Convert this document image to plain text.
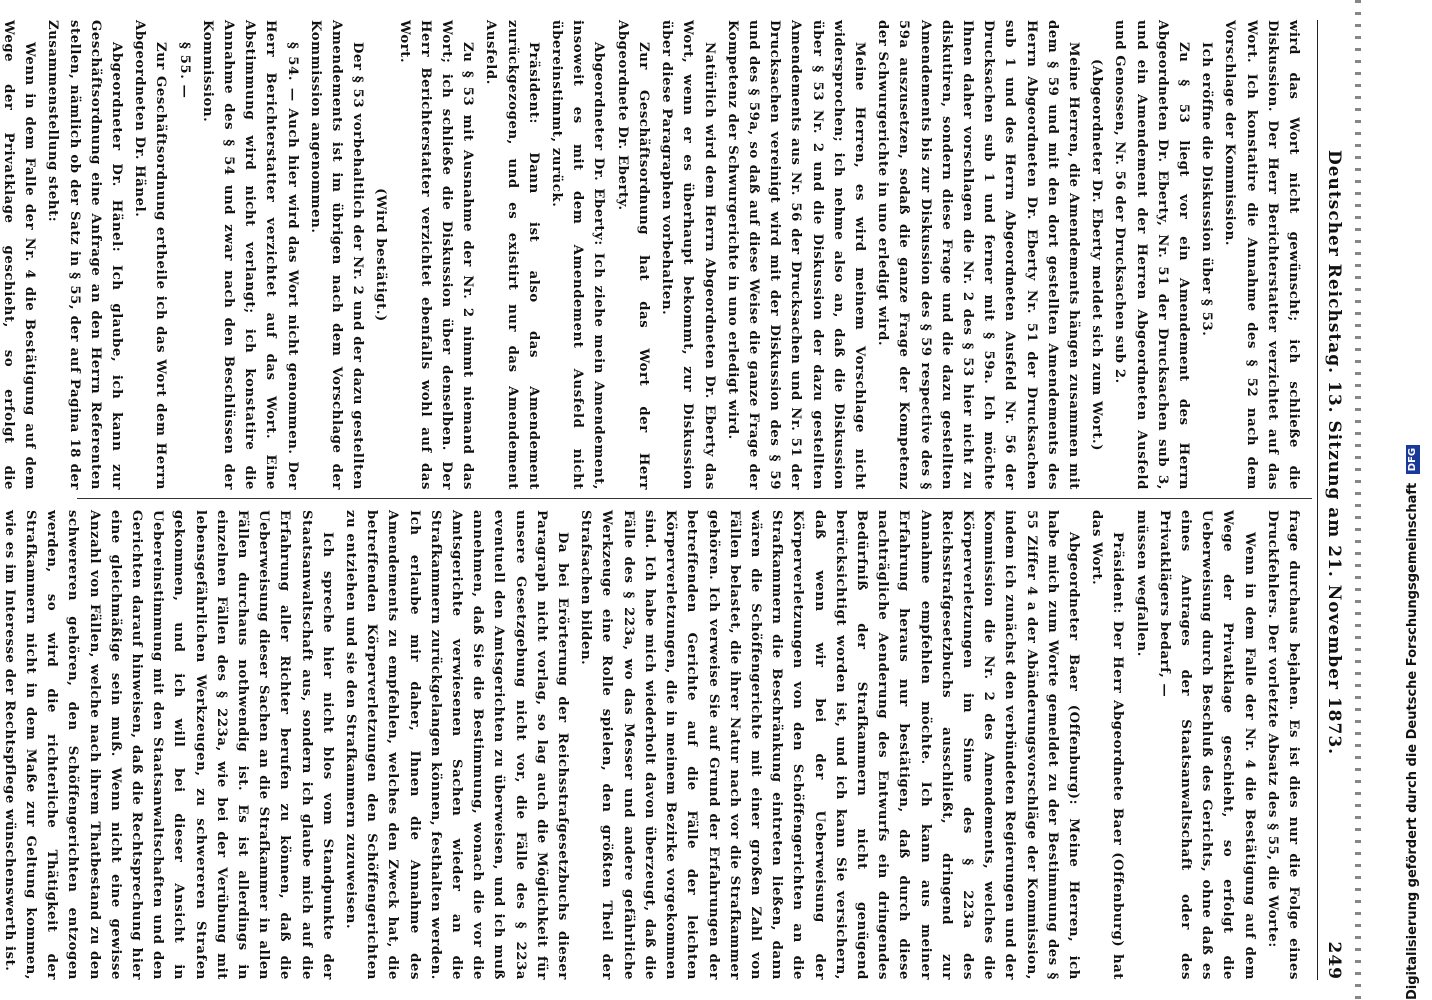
Deutscher Reichstag. 13. Sitzung am 21. November 1873.
249

wird das Wort nicht gewünscht; ich schließe die Diskussion. Der Herr Berichterstatter verzichtet auf das Wort. Ich konstatire die Annahme des § 52 nach dem Vorschlage der Kommission.

Ich eröffne die Diskussion über § 53.

Zu § 53 liegt vor ein Amendement des Herrn Abgeordneten Dr. Eberty, Nr. 51 der Drucksachen sub 3, und ein Amendement der Herren Abgeordneten Ausfeld und Genossen, Nr. 56 der Drucksachen sub 2.

(Abgeordneter Dr. Eberty meldet sich zum Wort.)

Meine Herren, die Amendements hängen zusammen mit dem § 59 und mit den dort gestellten Amendements des Herrn Abgeordneten Dr. Eberty Nr. 51 der Drucksachen sub 1 und des Herrn Abgeordneten Ausfeld Nr. 56 der Drucksachen sub 1 und ferner mit § 59a. Ich möchte Ihnen daher vorschlagen die Nr. 2 des § 53 hier nicht zu diskutiren, sondern diese Frage und die dazu gestellten Amendements bis zur Diskussion des § 59 respective des § 59a auszusetzen, sodaß die ganze Frage der Kompetenz der Schwurgerichte in uno erledigt wird.

Meine Herren, es wird meinem Vorschlage nicht widersprochen; ich nehme also an, daß die Diskussion über § 53 Nr. 2 und die Diskussion der dazu gestellten Amendements aus Nr. 56 der Drucksachen und Nr. 51 der Drucksachen vereinigt wird mit der Diskussion des § 59 und des § 59a, so daß auf diese Weise die ganze Frage der Kompetenz der Schwurgerichte in uno erledigt wird.

Natürlich wird dem Herrn Abgeordneten Dr. Eberty das Wort, wenn er es überhaupt bekommt, zur Diskussion über diese Paragraphen vorbehalten.

Zur Geschäftsordnung hat das Wort der Herr Abgeordnete Dr. Eberty.

Abgeordneter Dr. Eberty: Ich ziehe mein Amendement, insoweit es mit dem Amendement Ausfeld nicht übereinstimmt, zurück.

Präsident: Dann ist also das Amendement zurückgezogen, und es existirt nur das Amendement Ausfeld.

Zu § 53 mit Ausnahme der Nr. 2 nimmt niemand das Wort; ich schließe die Diskussion über denselben. Der Herr Berichterstatter verzichtet ebenfalls wohl auf das Wort.

(Wird bestätigt.)

Der § 53 vorbehaltlich der Nr. 2 und der dazu gestellten Amendements ist im übrigen nach dem Vorschlage der Kommission angenommen.

§ 54. — Auch hier wird das Wort nicht genommen. Der Herr Berichterstatter verzichtet auf das Wort. Eine Abstimmung wird nicht verlangt; ich konstatire die Annahme des § 54 und zwar nach den Beschlüssen der Kommission.

§ 55. —

Zur Geschäftsordnung ertheile ich das Wort dem Herrn Abgeordneten Dr. Hänel.

Abgeordneter Dr. Hänel: Ich glaube, ich kann zur Geschäftsordnung eine Anfrage an den Herrn Referenten stellen, nämlich ob der Satz in § 55, der auf Pagina 18 der Zusammenstellung steht:

Wenn in dem Falle der Nr. 4 die Bestätigung auf dem Wege der Privatklage geschieht, so erfolgt die

frage durchaus bejahen. Es ist dies nur die Folge eines Druckfehlers. Der vorletzte Absatz des § 55, die Worte:

Wenn in dem Falle der Nr. 4 die Bestätigung auf dem Wege der Privatklage geschieht, so erfolgt die Ueberweisung durch Beschluß des Gerichts, ohne daß es eines Antrages der Staatsanwaltschaft oder des Privatklägers bedarf, —

müssen wegfallen.

Präsident: Der Herr Abgeordnete Baer (Offenburg) hat das Wort.

Abgeordneter Baer (Offenburg): Meine Herren, ich habe mich zum Worte gemeldet zu der Bestimmung des § 55 Ziffer 4 a der Abänderungsvorschläge der Kommission, indem ich zunächst den verbündeten Regierungen und der Kommission die Nr. 2 des Amendements, welches die Körperverletzungen im Sinne des § 223a des Reichsstrafgesetzbuchs ausschließt, dringend zur Annahme empfehlen möchte. Ich kann aus meiner Erfahrung heraus nur bestätigen, daß durch diese nachträgliche Aenderung des Entwurfs ein dringendes Bedürfniß der Strafkammern nicht genügend berücksichtigt worden ist, und ich kann Sie versichern, daß wenn wir bei der Ueberweisung der Körperverletzungen von den Schöffengerichten an die Strafkammern die Beschränkung eintreten ließen, dann wären die Schöffengerichte mit einer großen Zahl von Fällen belastet, die ihrer Natur nach vor die Strafkammer gehören. Ich verweise Sie auf Grund der Erfahrungen der betreffenden Gerichte auf die Fälle der leichten Körperverletzungen, die in meinem Bezirke vorgekommen sind. Ich habe mich wiederholt davon überzeugt, daß die Fälle des § 223a, wo das Messer und andere gefährliche Werkzeuge eine Rolle spielen, den größten Theil der Strafsachen bilden.

Da bei Erörterung der Reichsstrafgesetzbuchs dieser Paragraph nicht vorlag, so lag auch die Möglichkeit für unsere Gesetzgebung nicht vor, die Fälle des § 223a eventuell den Amtsgerichten zu überweisen, und ich muß annehmen, daß Sie die Bestimmung, wonach die vor die Amtsgerichte verwiesenen Sachen wieder an die Strafkammern zurückgelangen können, festhalten werden. Ich erlaube mir daher, Ihnen die Annahme des Amendements zu empfehlen, welches den Zweck hat, die betreffenden Körperverletzungen den Schöffengerichten zu entziehen und sie den Strafkammern zuzuweisen.

Ich spreche hier nicht blos vom Standpunkte der Staatsanwaltschaft aus, sondern ich glaube mich auf die Erfahrung aller Richter berufen zu können, daß die Ueberweisung dieser Sachen an die Strafkammer in allen Fällen durchaus nothwendig ist. Es ist allerdings in einzelnen Fällen des § 223a, wie bei der Verübung mit lebensgefährlichen Werkzeugen, zu schwereren Strafen gekommen, und ich will bei dieser Ansicht in Uebereinstimmung mit den Staatsanwaltschaften und den Gerichten darauf hinweisen, daß die Rechtsprechung hier eine gleichmäßige sein muß. Wenn nicht eine gewisse Anzahl von Fällen, welche nach ihrem Thatbestand zu den schwereren gehören, den Schöffengerichten entzogen werden, so wird die richterliche Thätigkeit der Strafkammern nicht in dem Maße zur Geltung kommen, wie es im Interesse der Rechtspflege wünschenswerth ist.	Digitalisierung gefördert durch die Deutsche Forschungsgemeinschaft DFG
